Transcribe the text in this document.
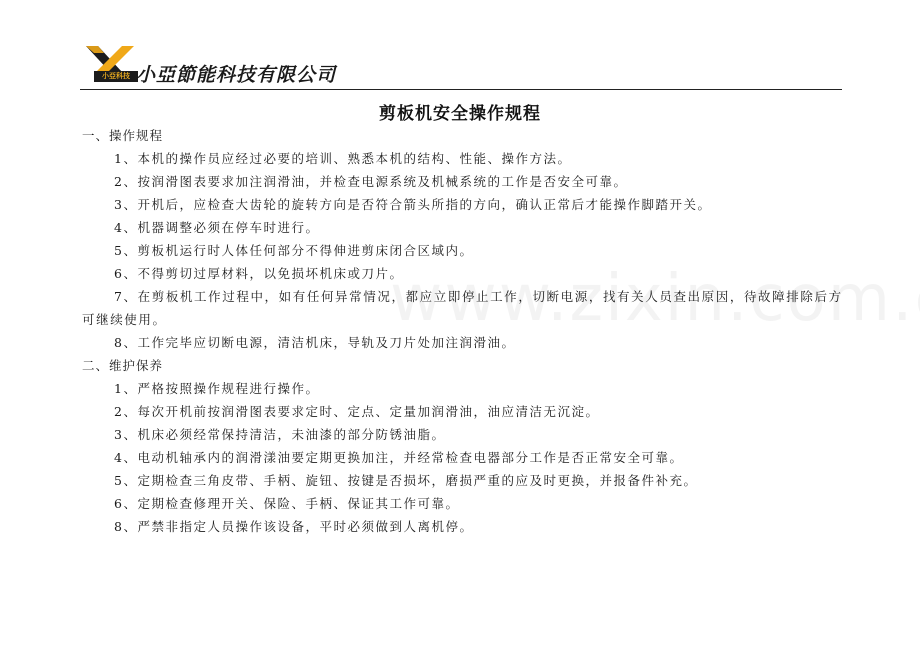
小亞科技 小亞節能科技有限公司
剪板机安全操作规程

一、操作规程

1、本机的操作员应经过必要的培训、熟悉本机的结构、性能、操作方法。

2、按润滑图表要求加注润滑油，并检查电源系统及机械系统的工作是否安全可靠。

3、开机后，应检查大齿轮的旋转方向是否符合箭头所指的方向，确认正常后才能操作脚踏开关。

4、机器调整必须在停车时进行。

5、剪板机运行时人体任何部分不得伸进剪床闭合区域内。

6、不得剪切过厚材料，以免损坏机床或刀片。

7、在剪板机工作过程中，如有任何异常情况，都应立即停止工作，切断电源，找有关人员查出原因，待故障排除后方可继续使用。

8、工作完毕应切断电源，清洁机床，导轨及刀片处加注润滑油。

二、维护保养

1、严格按照操作规程进行操作。

2、每次开机前按润滑图表要求定时、定点、定量加润滑油，油应清洁无沉淀。

3、机床必须经常保持清洁，未油漆的部分防锈油脂。

4、电动机轴承内的润滑漾油要定期更换加注，并经常检查电器部分工作是否正常安全可靠。

5、定期检查三角皮带、手柄、旋钮、按键是否损坏，磨损严重的应及时更换，并报备件补充。

6、定期检查修理开关、保险、手柄、保证其工作可靠。

8、严禁非指定人员操作该设备，平时必须做到人离机停。
